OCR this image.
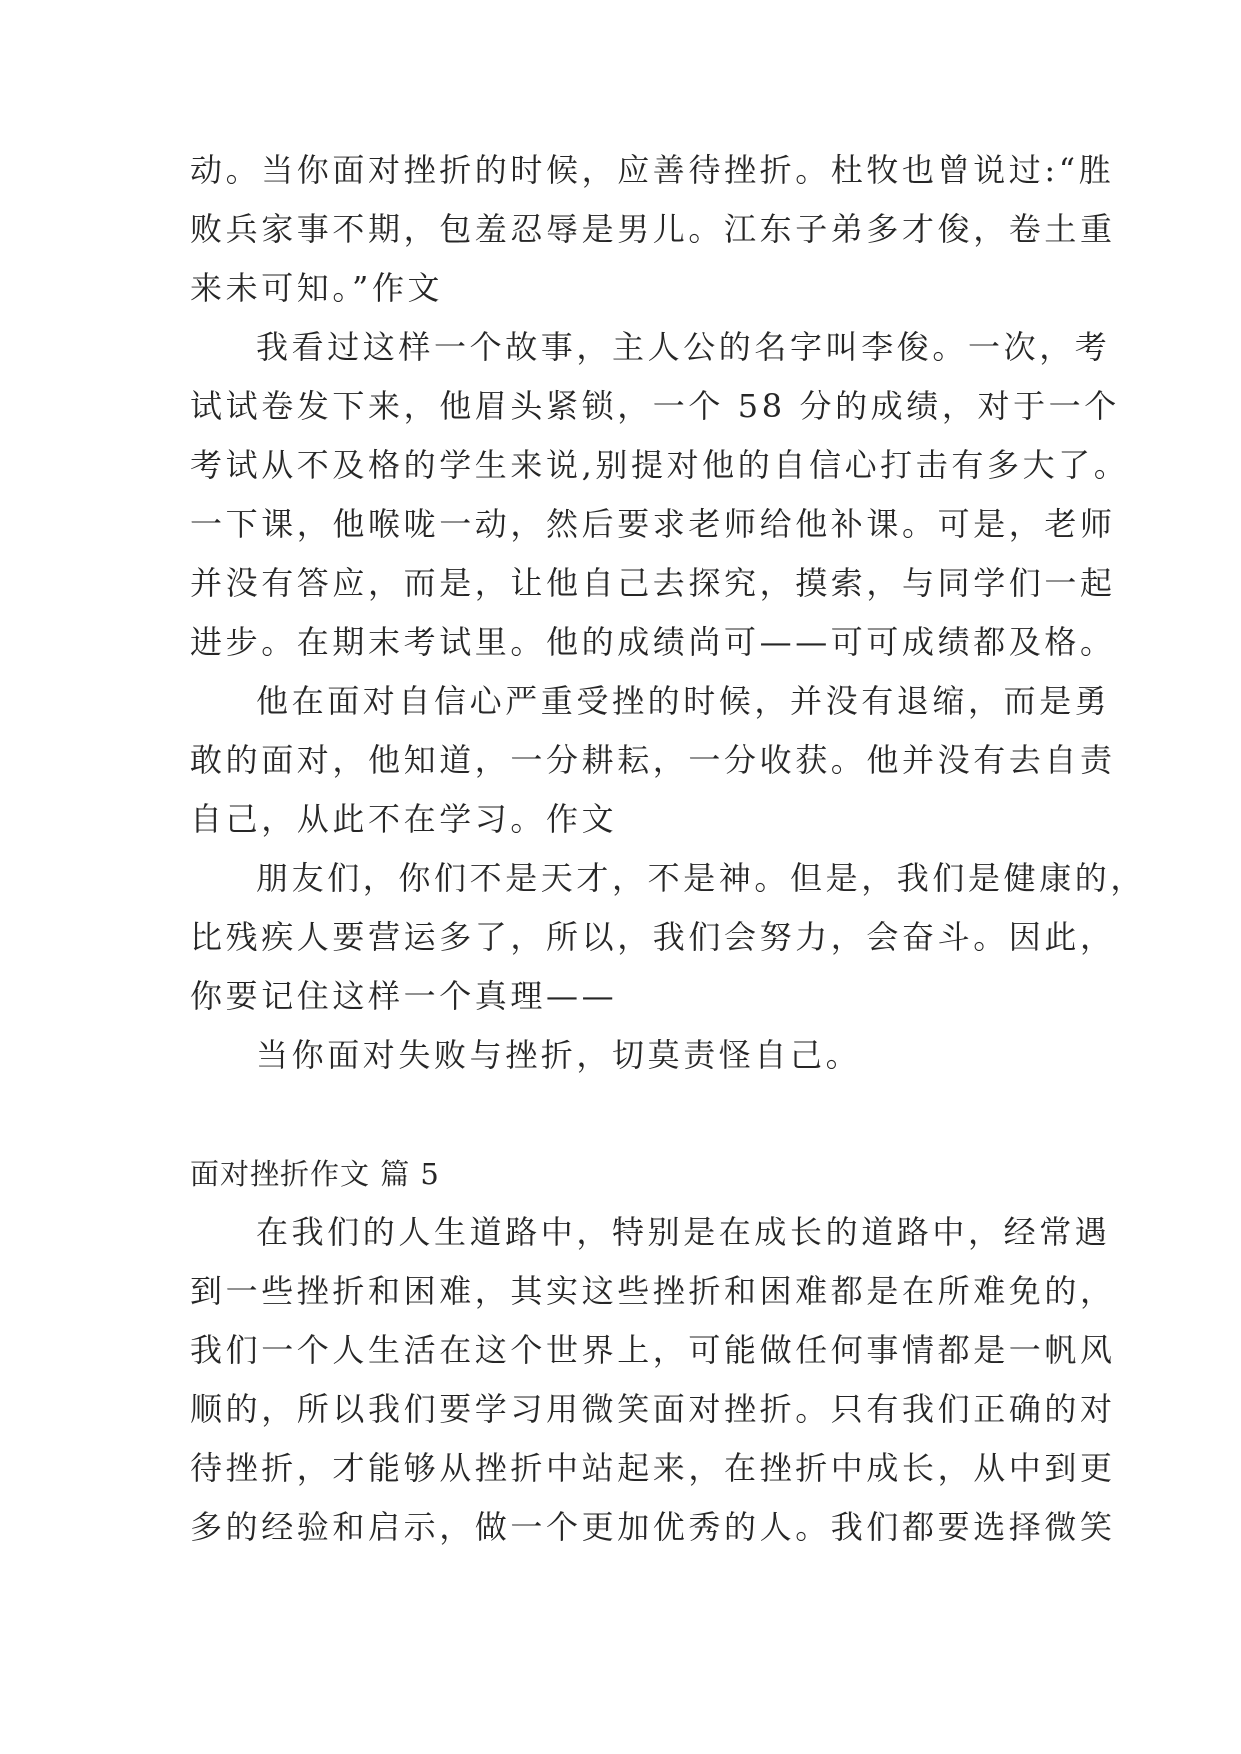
动。当你面对挫折的时候，应善待挫折。杜牧也曾说过:“胜
败兵家事不期，包羞忍辱是男儿。江东子弟多才俊，卷土重
来未可知。”作文
我看过这样一个故事，主人公的名字叫李俊。一次，考
试试卷发下来，他眉头紧锁，一个 58 分的成绩，对于一个
考试从不及格的学生来说,别提对他的自信心打击有多大了。
一下课，他喉咙一动，然后要求老师给他补课。可是，老师
并没有答应，而是，让他自己去探究，摸索，与同学们一起
进步。在期末考试里。他的成绩尚可——可可成绩都及格。
他在面对自信心严重受挫的时候，并没有退缩，而是勇
敢的面对，他知道，一分耕耘，一分收获。他并没有去自责
自己，从此不在学习。作文
朋友们，你们不是天才，不是神。但是，我们是健康的，
比残疾人要营运多了，所以，我们会努力，会奋斗。因此，
你要记住这样一个真理——
当你面对失败与挫折，切莫责怪自己。
面对挫折作文 篇 5
在我们的人生道路中，特别是在成长的道路中，经常遇
到一些挫折和困难，其实这些挫折和困难都是在所难免的，
我们一个人生活在这个世界上，可能做任何事情都是一帆风
顺的，所以我们要学习用微笑面对挫折。只有我们正确的对
待挫折，才能够从挫折中站起来，在挫折中成长，从中到更
多的经验和启示，做一个更加优秀的人。我们都要选择微笑
